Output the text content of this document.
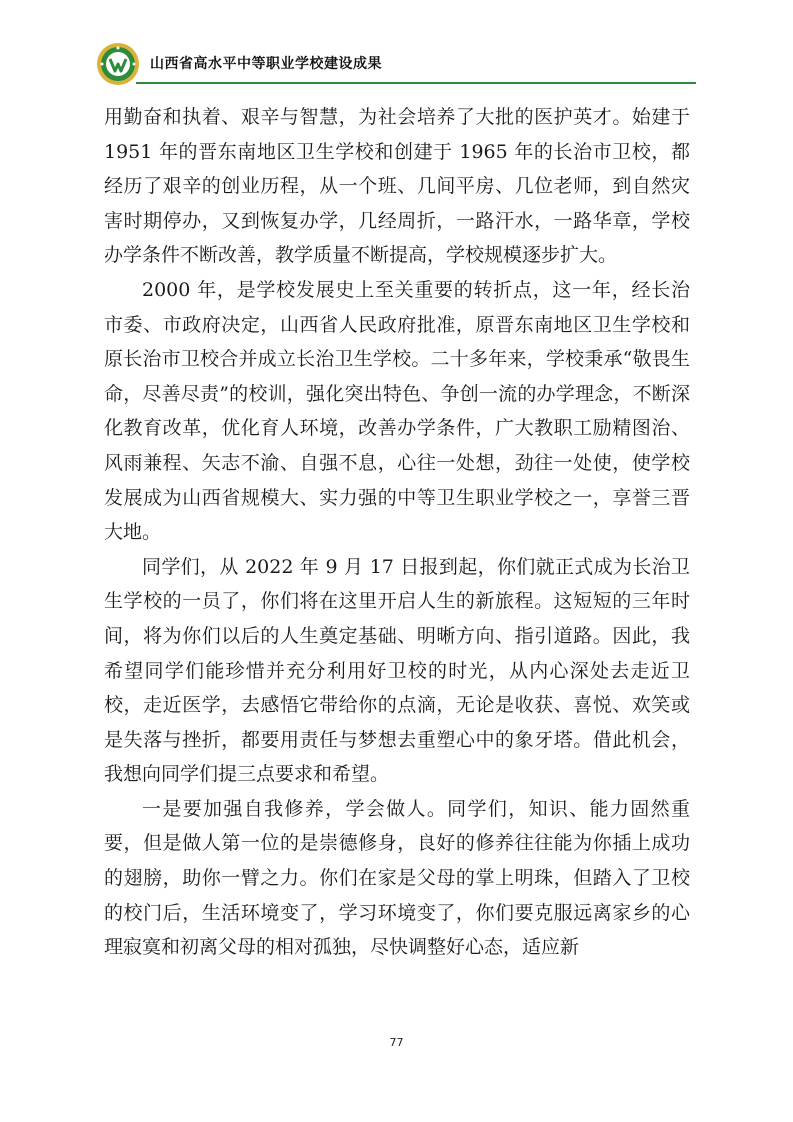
山西省高水平中等职业学校建设成果

用勤奋和执着、艰辛与智慧，为社会培养了大批的医护英才。始建于 1951 年的晋东南地区卫生学校和创建于 1965 年的长治市卫校，都经历了艰辛的创业历程，从一个班、几间平房、几位老师，到自然灾害时期停办，又到恢复办学，几经周折，一路汗水，一路华章，学校办学条件不断改善，教学质量不断提高，学校规模逐步扩大。

2000 年，是学校发展史上至关重要的转折点，这一年，经长治市委、市政府决定，山西省人民政府批准，原晋东南地区卫生学校和原长治市卫校合并成立长治卫生学校。二十多年来，学校秉承“敬畏生命，尽善尽责”的校训，强化突出特色、争创一流的办学理念，不断深化教育改革，优化育人环境，改善办学条件，广大教职工励精图治、风雨兼程、矢志不渝、自强不息，心往一处想，劲往一处使，使学校发展成为山西省规模大、实力强的中等卫生职业学校之一，享誉三晋大地。

同学们，从 2022 年 9 月 17 日报到起，你们就正式成为长治卫生学校的一员了，你们将在这里开启人生的新旅程。这短短的三年时间，将为你们以后的人生奠定基础、明晰方向、指引道路。因此，我希望同学们能珍惜并充分利用好卫校的时光，从内心深处去走近卫校，走近医学，去感悟它带给你的点滴，无论是收获、喜悦、欢笑或是失落与挫折，都要用责任与梦想去重塑心中的象牙塔。借此机会，我想向同学们提三点要求和希望。

一是要加强自我修养，学会做人。同学们，知识、能力固然重要，但是做人第一位的是崇德修身，良好的修养往往能为你插上成功的翅膀，助你一臂之力。你们在家是父母的掌上明珠，但踏入了卫校的校门后，生活环境变了，学习环境变了，你们要克服远离家乡的心理寂寞和初离父母的相对孤独，尽快调整好心态，适应新

77
